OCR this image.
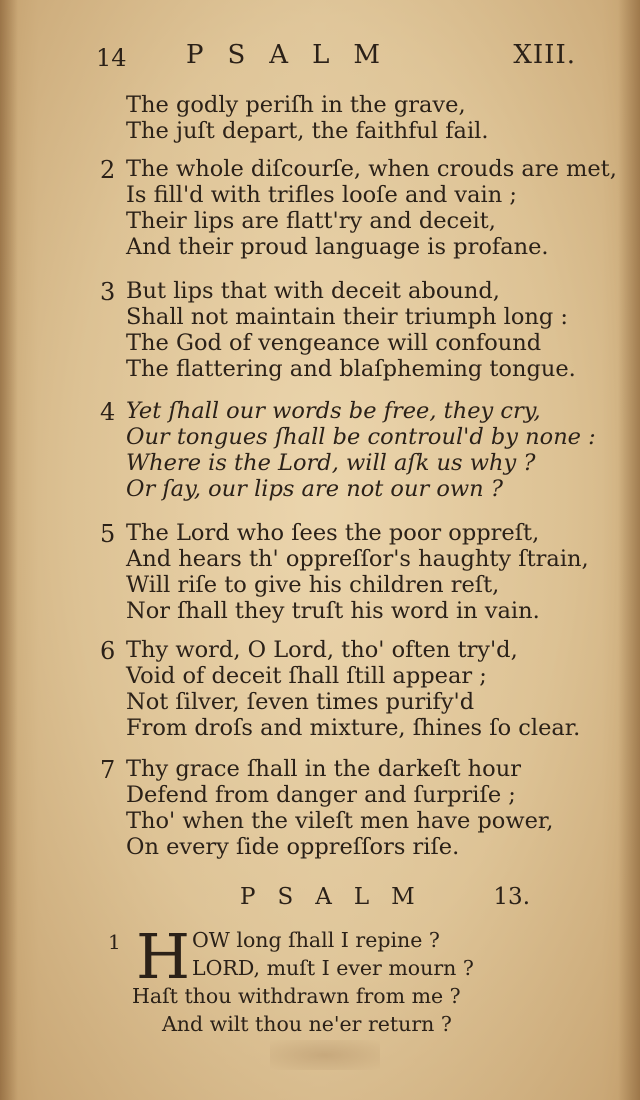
14 PSALM	XIII.
The godly periſh in the grave,
The juſt depart, the faithful fail.
2 The whole diſcourſe, when crouds are met,
Is fill'd with trifles looſe and vain ;
Their lips are flatt'ry and deceit,
And their proud language is profane.
3 But lips that with deceit abound,
Shall not maintain their triumph long :
The God of vengeance will confound
The flattering and blaſpheming tongue.
4 Yet ſhall our words be free, they cry,
Our tongues ſhall be controul'd by none :
Where is the Lord, will aſk us why ?
Or ſay, our lips are not our own ?
5 The Lord who ſees the poor oppreſt,
And hears th' oppreſſor's haughty ſtrain,
Will riſe to give his children reſt,
Nor ſhall they truſt his word in vain.
6 Thy word, O Lord, tho' often try'd,
Void of deceit ſhall ſtill appear ;
Not ſilver, ſeven times purify'd
From droſs and mixture, ſhines ſo clear.
7 Thy grace ſhall in the darkeſt hour
Defend from danger and ſurpriſe ;
Tho' when the vileſt men have power,
On every ſide oppreſſors riſe.
PSALM 13.
1 H OW long ſhall I repine ?
LORD, muſt I ever mourn ?
Haſt thou withdrawn from me ?
And wilt thou ne'er return ?
